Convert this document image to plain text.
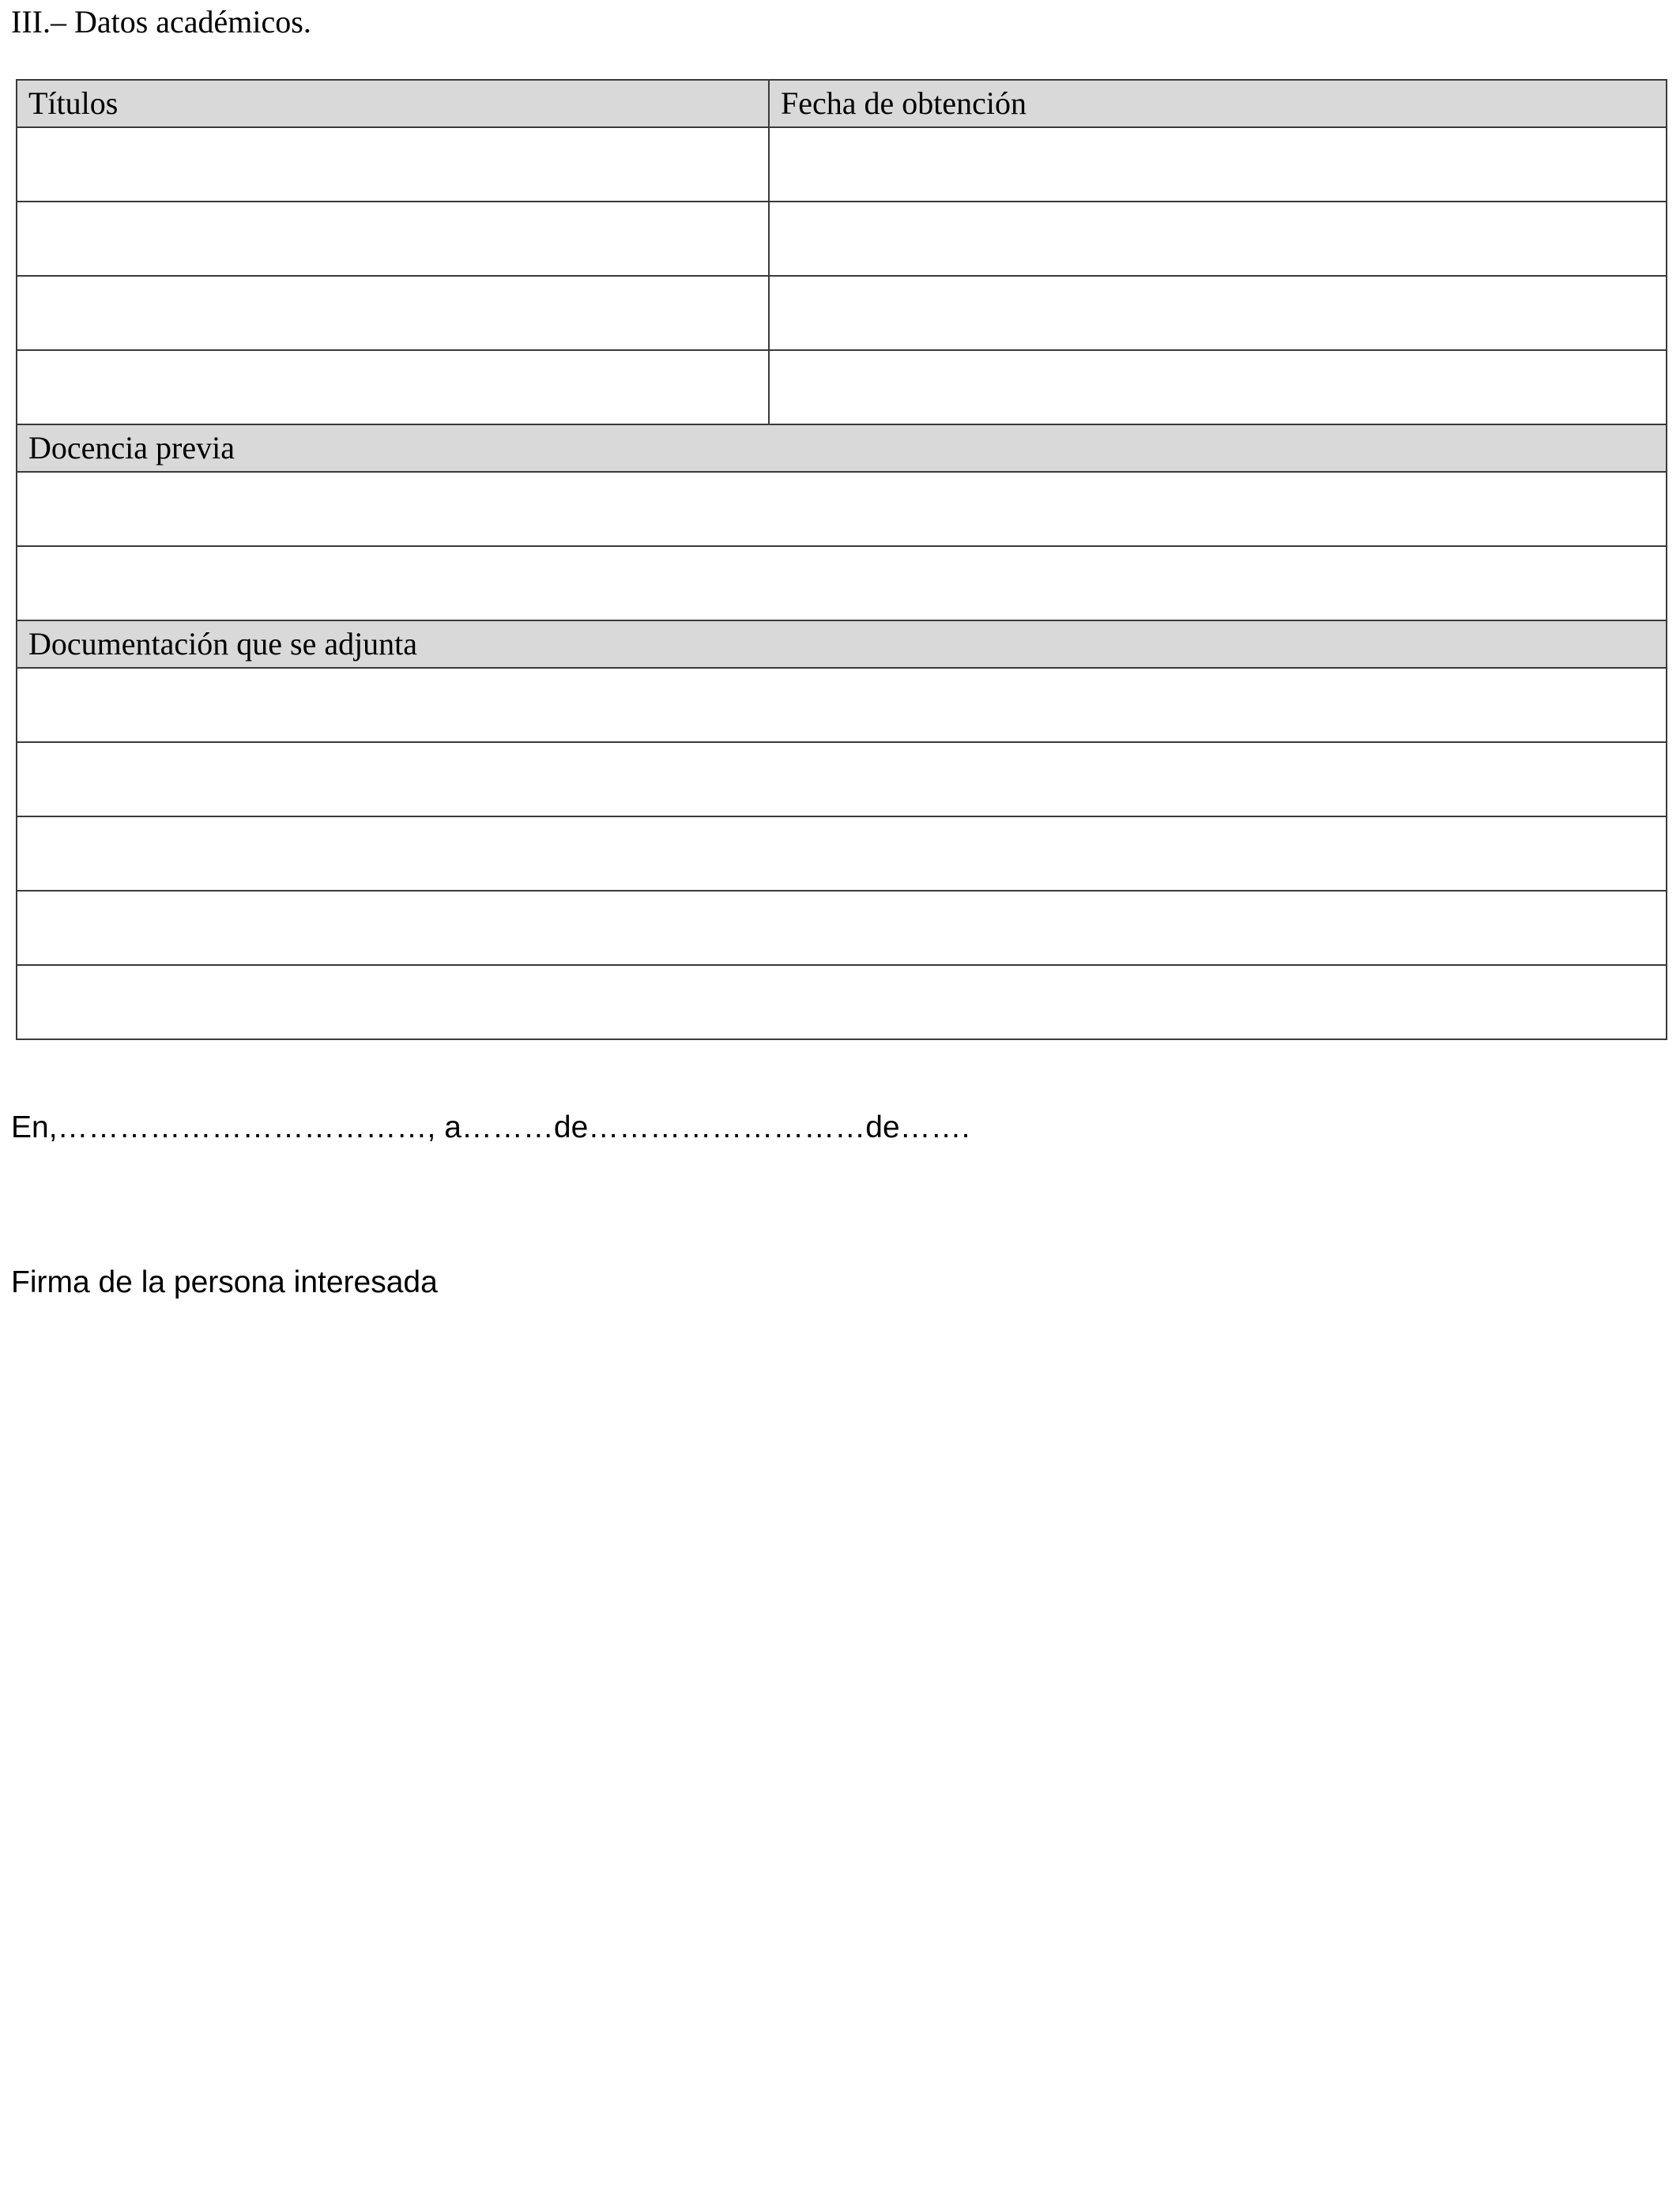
III.– Datos académicos.
Títulos	Fecha de obtención

Docencia previa	

Documentación que se adjunta	

En,………………………………, a………de………………………de…….
Firma de la persona interesada
